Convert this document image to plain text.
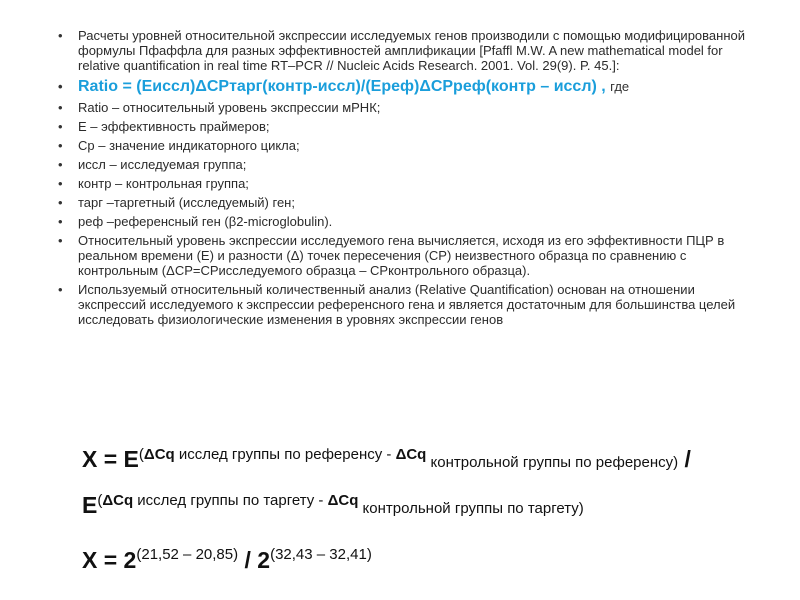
• Расчеты уровней относительной экспрессии исследуемых генов производили с помощью модифицированной формулы Пфаффла для разных эффективностей амплификации [Pfaffl M.W. A new mathematical model for relative quantification in real time RT–PCR // Nucleic Acids Research. 2001. Vol. 29(9). P. 45.]:
• Ratio = (Еиссл)ΔCPтарг(контр-иссл)/(Ереф)ΔCPреф(контр – иссл) , где
• Ratio – относительный уровень экспрессии мРНК;
• E – эффективность праймеров;
• Cp – значение индикаторного цикла;
• иссл – исследуемая группа;
• контр – контрольная группа;
• тарг –таргетный (исследуемый) ген;
• реф –референсный ген (β2-microglobulin).
• Относительный уровень экспрессии исследуемого гена вычисляется, исходя из его эффективности ПЦР в реальном времени (E) и разности (Δ) точек пересечения (CP) неизвестного образца по сравнению с контрольным (ΔCP=CPисследуемого образца – CPконтрольного образца).
• Используемый относительный количественный анализ (Relative Quantification) основан на отношении экспрессий исследуемого к экспрессии референсного гена и является достаточным для большинства целей исследовать физиологические изменения в уровнях экспрессии генов
$X = E^{(\Delta Cq исслед группы по референсу - \Delta Cq}$ контрольной группы по референсу) / $E^{(\Delta Cq исслед группы по таргету - \Delta Cq}$ контрольной группы по таргету)
$X = 2^{(21,52 - 20,85)} / 2^{(32,43 - 32,41)}$
